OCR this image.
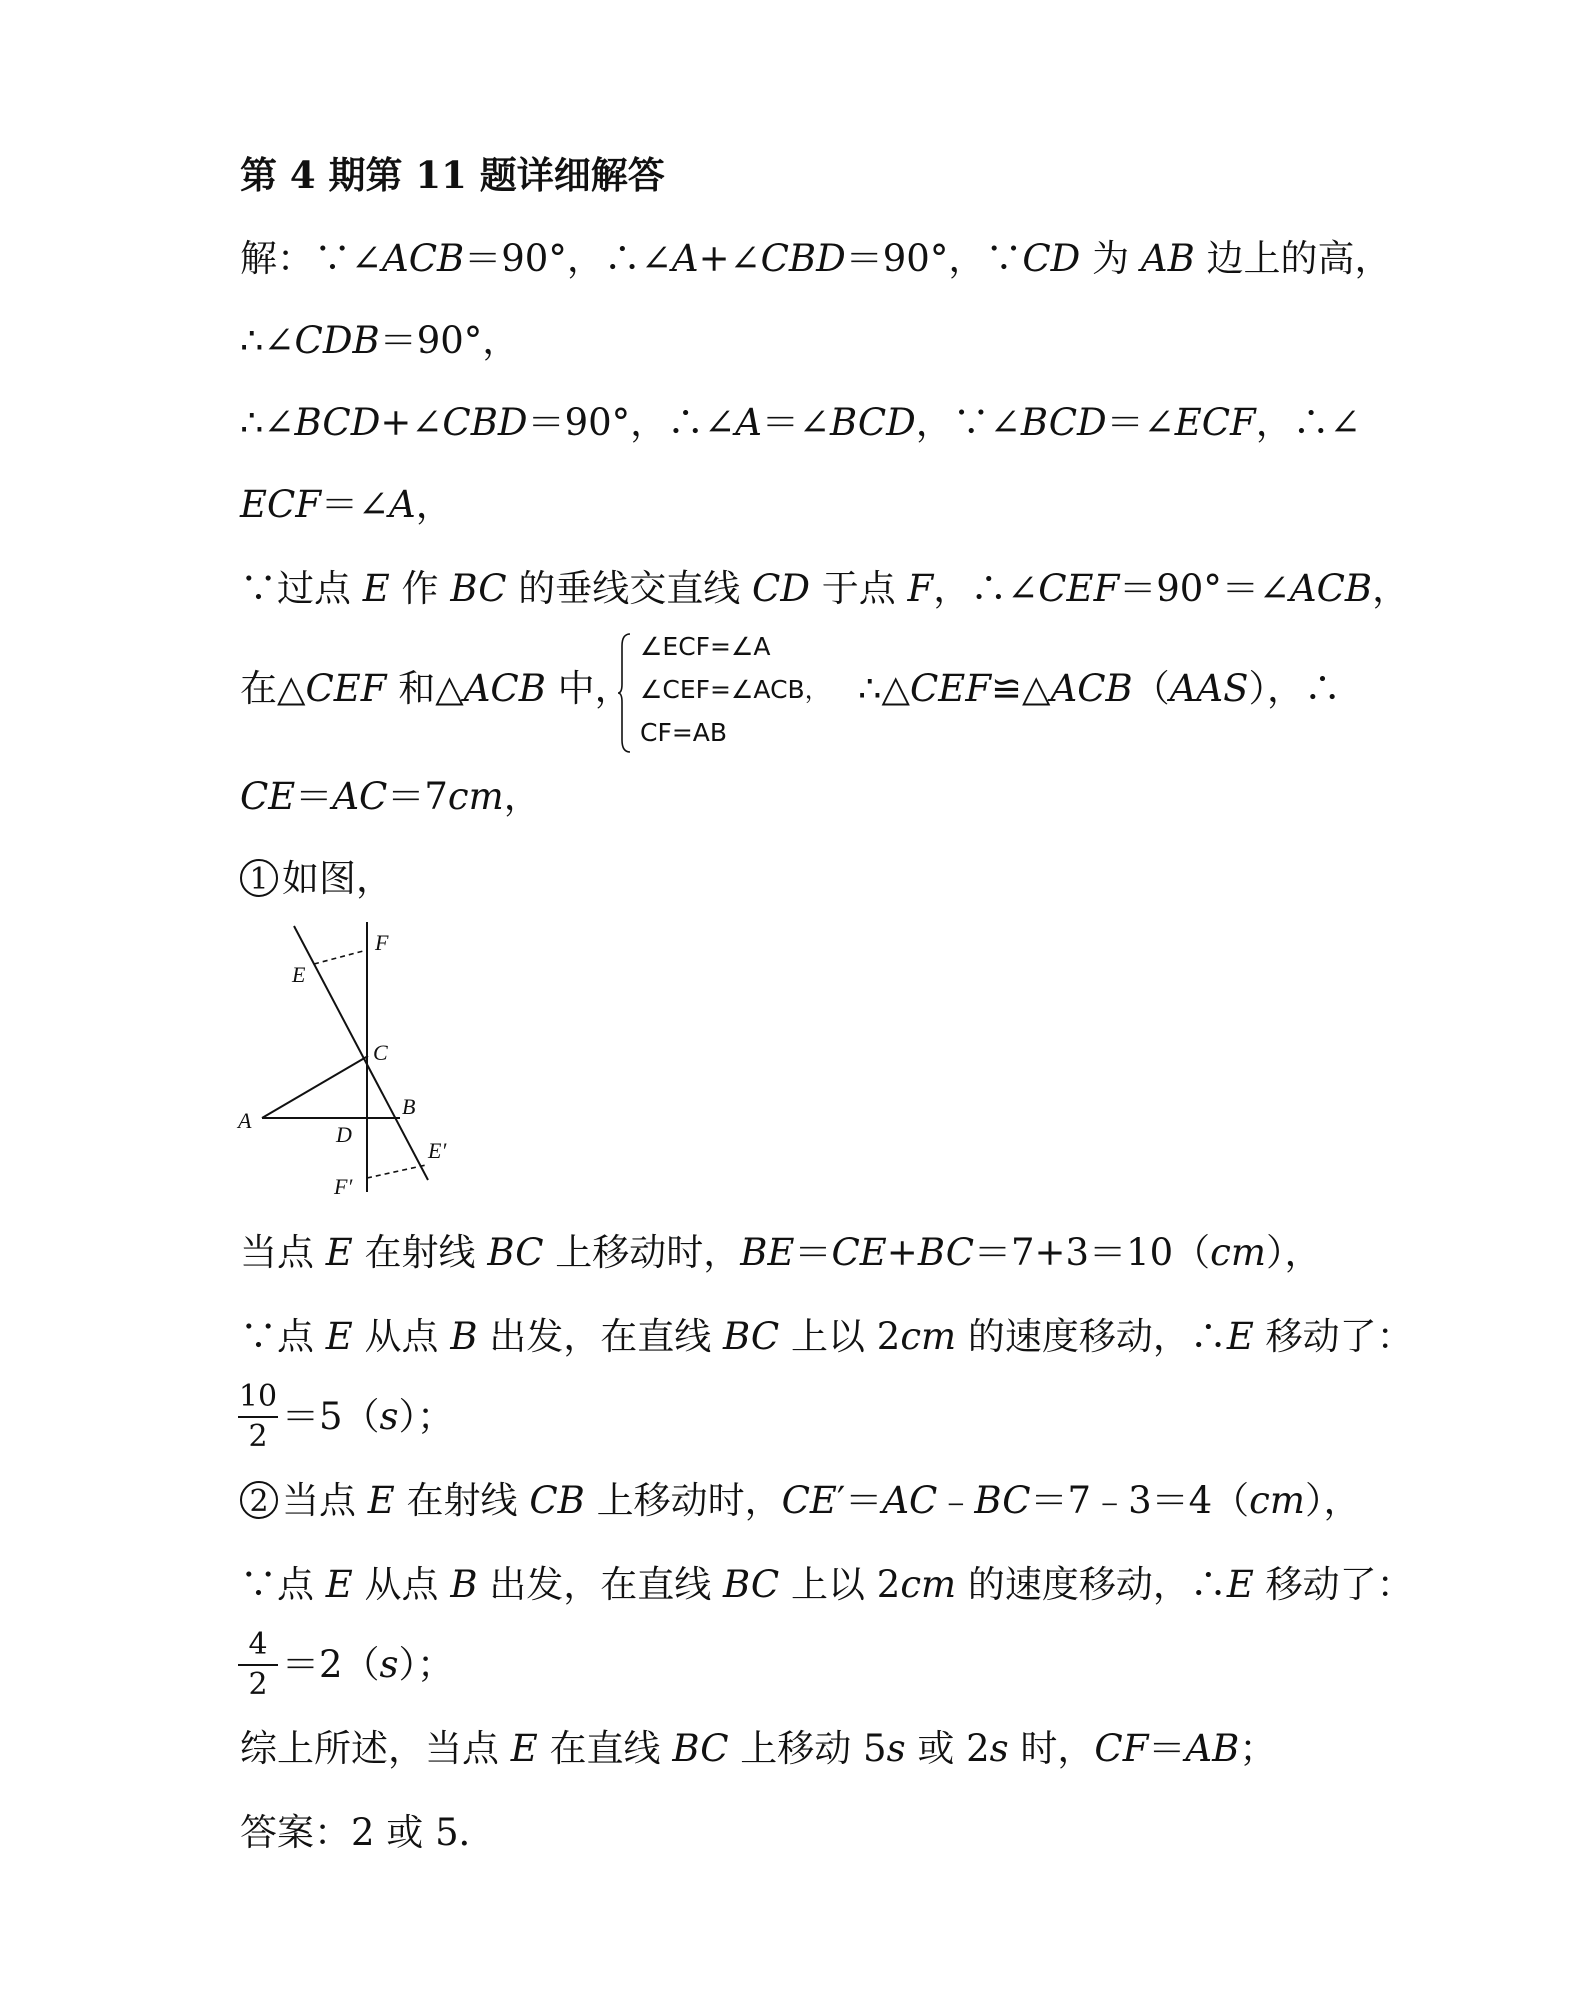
第 4 期第 11 题详细解答
解：∵∠ACB＝90°，∴∠A+∠CBD＝90°，∵CD 为 AB 边上的高，
∴∠CDB＝90°，
∴∠BCD+∠CBD＝90°，∴∠A＝∠BCD，∵∠BCD＝∠ECF，∴∠
ECF＝∠A，
∵过点 E 作 BC 的垂线交直线 CD 于点 F，∴∠CEF＝90°＝∠ACB，
在△CEF 和△ACB 中，
∠ECF=∠A
∠CEF=∠ACB，
CF=AB
∴△CEF≌△ACB（AAS），∴
CE＝AC＝7cm，
1 如图，
E
F
C
A
D
B
E′
F′
当点 E 在射线 BC 上移动时，BE＝CE+BC＝7+3＝10（cm），
∵点 E 从点 B 出发，在直线 BC 上以 2cm 的速度移动，∴E 移动了：
10
2 ＝5（s）；
2 当点 E 在射线 CB 上移动时，CE′＝AC﹣BC＝7﹣3＝4（cm），
∵点 E 从点 B 出发，在直线 BC 上以 2cm 的速度移动，∴E 移动了：
4
2 ＝2（s）；
综上所述，当点 E 在直线 BC 上移动 5s 或 2s 时，CF＝AB；
答案：2 或 5．
